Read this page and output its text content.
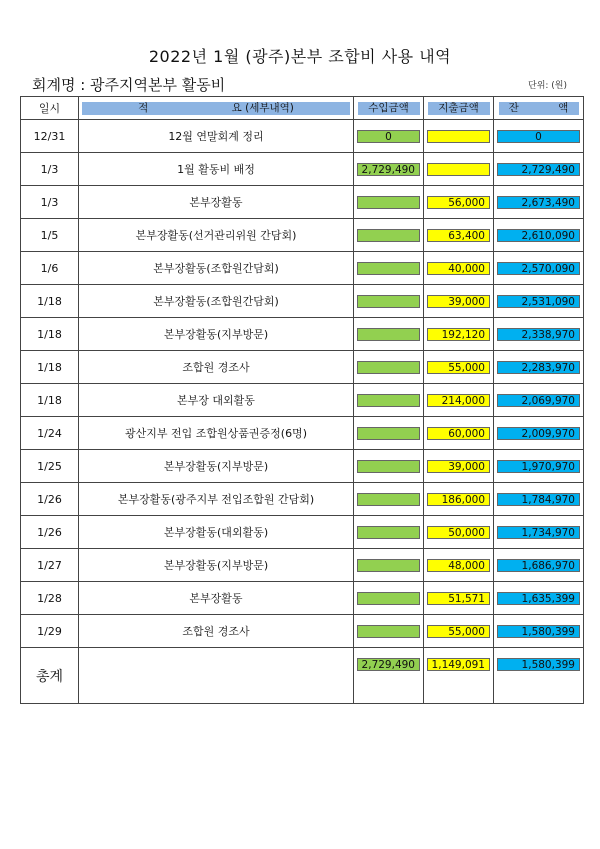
2022년 1월 (광주)본부 조합비 사용 내역
회계명 : 광주지역본부 활동비	단위: (원)
일시	적 요 (세부내역)	수입금액	지출금액	잔 액

12/31	12월 연말회계 정리	0		0

1/3	1월 활동비 배정	2,729,490		2,729,490

1/3	본부장활동		56,000	2,673,490

1/5	본부장활동(선거관리위원 간담회)		63,400	2,610,090

1/6	본부장활동(조합원간담회)		40,000	2,570,090

1/18	본부장활동(조합원간담회)		39,000	2,531,090

1/18	본부장활동(지부방문)		192,120	2,338,970

1/18	조합원 경조사		55,000	2,283,970

1/18	본부장 대외활동		214,000	2,069,970

1/24	광산지부 전입 조합원상품권증정(6명)		60,000	2,009,970

1/25	본부장활동(지부방문)		39,000	1,970,970

1/26	본부장활동(광주지부 전입조합원 간담회)		186,000	1,784,970

1/26	본부장활동(대외활동)		50,000	1,734,970

1/27	본부장활동(지부방문)		48,000	1,686,970

1/28	본부장활동		51,571	1,635,399

1/29	조합원 경조사		55,000	1,580,399

총계		2,729,490	1,149,091	1,580,399
